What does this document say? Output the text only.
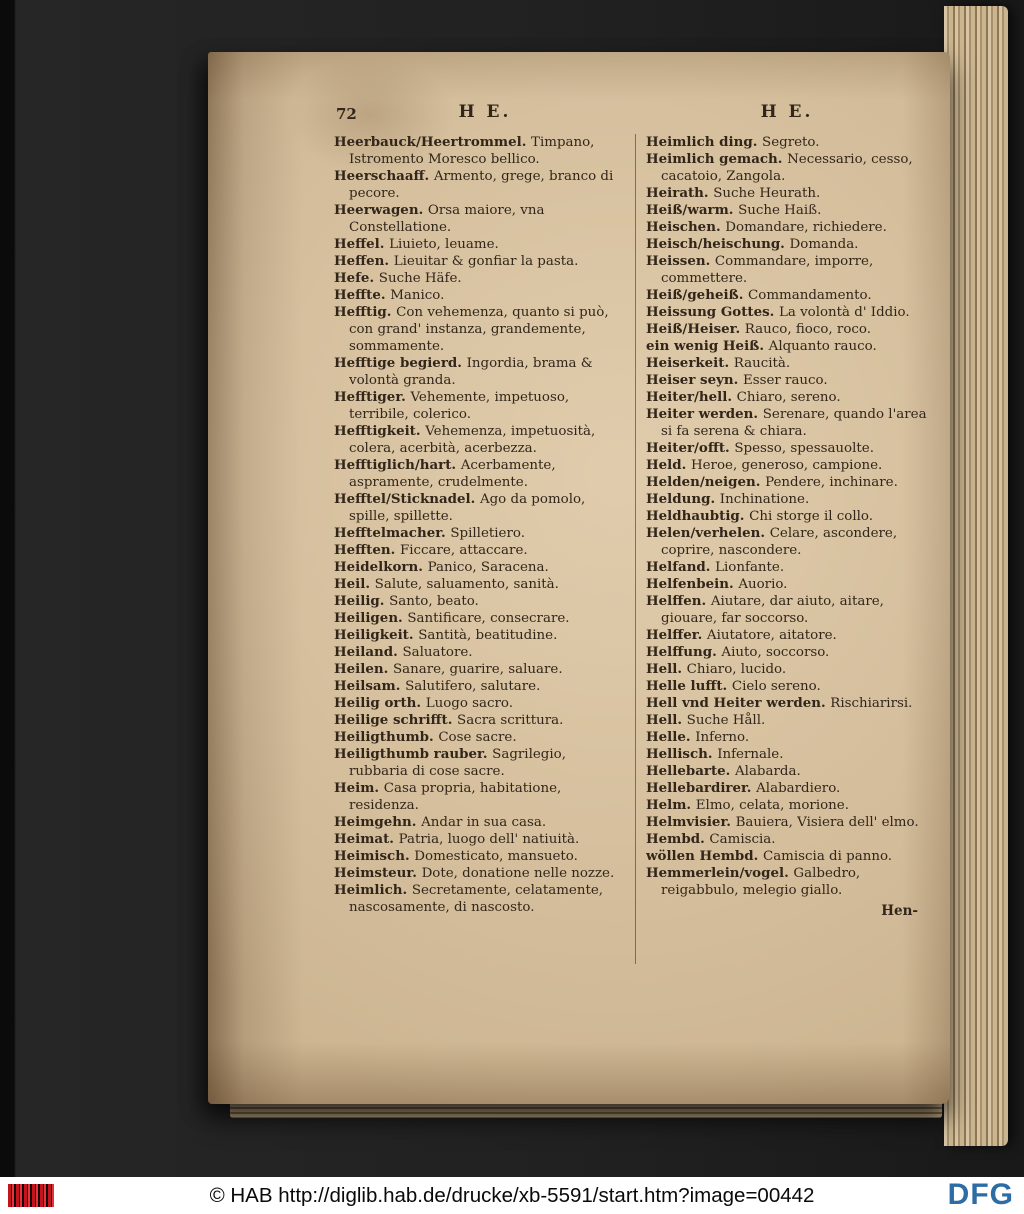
72	H E.	H E.
Heerbauck/Heertrommel. Timpano, Istromento Moresco bellico.
Heerschaaff. Armento, grege, branco di pecore.
Heerwagen. Orsa maiore, vna Constellatione.
Heffel. Liuieto, leuame.
Heffen. Lieuitar & gonfiar la pasta.
Hefe. Suche Häfe.
Heffte. Manico.
Hefftig. Con vehemenza, quanto si può, con grand' instanza, grandemente, sommamente.
Hefftige begierd. Ingordia, brama & volontà granda.
Hefftiger. Vehemente, impetuoso, terribile, colerico.
Hefftigkeit. Vehemenza, impetuosità, colera, acerbità, acerbezza.
Hefftiglich/hart. Acerbamente, aspramente, crudelmente.
Hefftel/Sticknadel. Ago da pomolo, spille, spillette.
Hefftelmacher. Spilletiero.
Hefften. Ficcare, attaccare.
Heidelkorn. Panico, Saracena.
Heil. Salute, saluamento, sanità.
Heilig. Santo, beato.
Heiligen. Santificare, consecrare.
Heiligkeit. Santità, beatitudine.
Heiland. Saluatore.
Heilen. Sanare, guarire, saluare.
Heilsam. Salutifero, salutare.
Heilig orth. Luogo sacro.
Heilige schrifft. Sacra scrittura.
Heiligthumb. Cose sacre.
Heiligthumb rauber. Sagrilegio, rubbaria di cose sacre.
Heim. Casa propria, habitatione, residenza.
Heimgehn. Andar in sua casa.
Heimat. Patria, luogo dell' natiuità.
Heimisch. Domesticato, mansueto.
Heimsteur. Dote, donatione nelle nozze.
Heimlich. Secretamente, celatamente, nascosamente, di nascosto.
Heimlich ding. Segreto.
Heimlich gemach. Necessario, cesso, cacatoio, Zangola.
Heirath. Suche Heurath.
Heiß/warm. Suche Haiß.
Heischen. Domandare, richiedere.
Heisch/heischung. Domanda.
Heissen. Commandare, imporre, commettere.
Heiß/geheiß. Commandamento.
Heissung Gottes. La volontà d' Iddio.
Heiß/Heiser. Rauco, fioco, roco.
ein wenig Heiß. Alquanto rauco.
Heiserkeit. Raucità.
Heiser seyn. Esser rauco.
Heiter/hell. Chiaro, sereno.
Heiter werden. Serenare, quando l'area si fa serena & chiara.
Heiter/offt. Spesso, spessauolte.
Held. Heroe, generoso, campione.
Helden/neigen. Pendere, inchinare.
Heldung. Inchinatione.
Heldhaubtig. Chi storge il collo.
Helen/verhelen. Celare, ascondere, coprire, nascondere.
Helfand. Lionfante.
Helfenbein. Auorio.
Helffen. Aiutare, dar aiuto, aitare, giouare, far soccorso.
Helffer. Aiutatore, aitatore.
Helffung. Aiuto, soccorso.
Hell. Chiaro, lucido.
Helle lufft. Cielo sereno.
Hell vnd Heiter werden. Rischiarirsi.
Hell. Suche Håll.
Helle. Inferno.
Hellisch. Infernale.
Hellebarte. Alabarda.
Hellebardirer. Alabardiero.
Helm. Elmo, celata, morione.
Helmvisier. Bauiera, Visiera dell' elmo.
Hembd. Camiscia.
wöllen Hembd. Camiscia di panno.
Hemmerlein/vogel. Galbedro, reigabbulo, melegio giallo.
Hen-
© HAB http://diglib.hab.de/drucke/xb-5591/start.htm?image=00442	DFG
